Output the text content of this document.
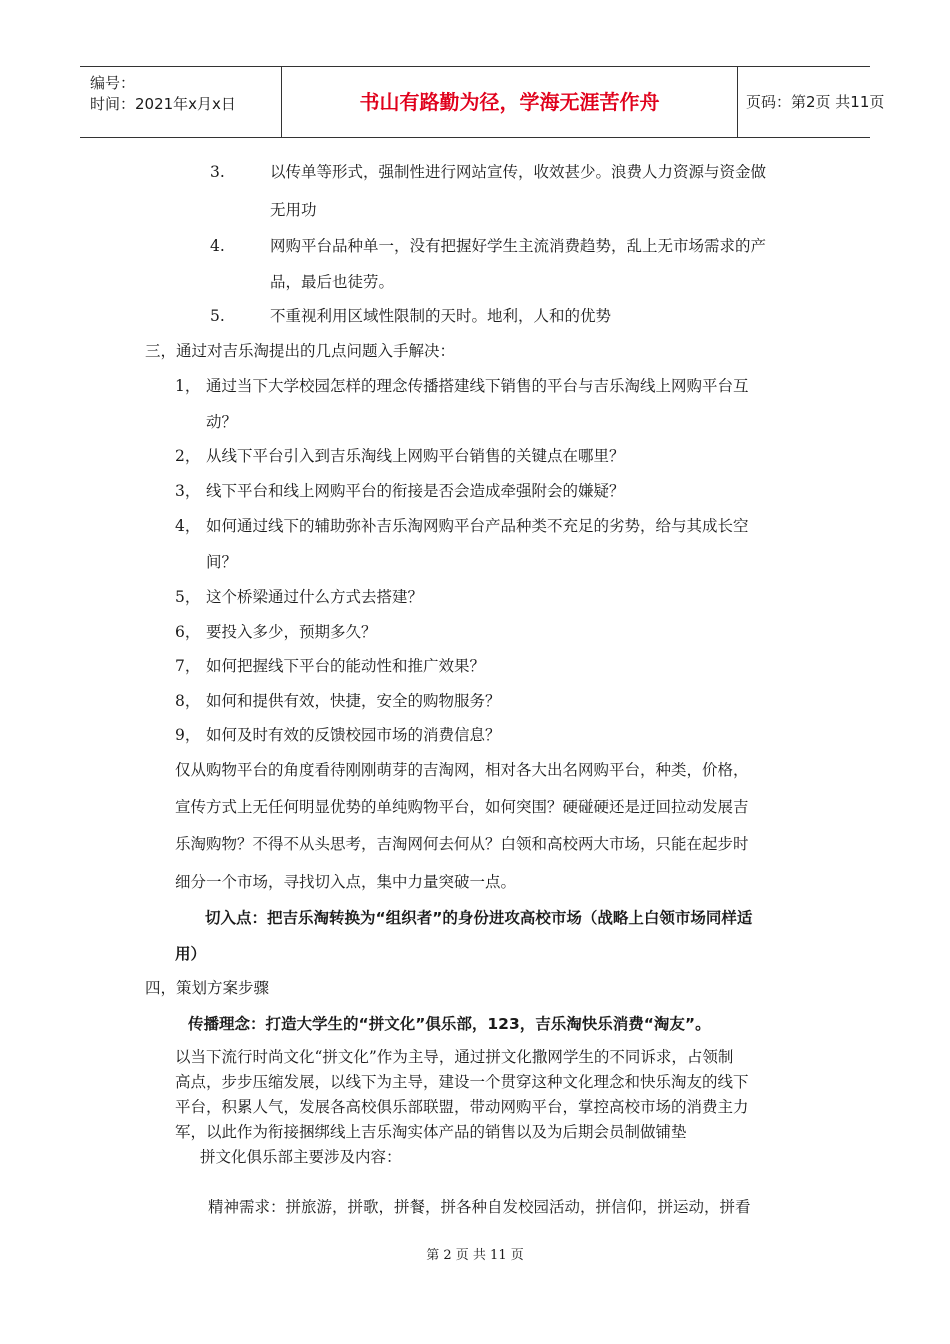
编号：
时间：2021年x月x日	书山有路勤为径，学海无涯苦作舟	页码：第2页 共11页
3.	以传单等形式，强制性进行网站宣传，收效甚少。浪费人力资源与资金做
无用功
4.	网购平台品种单一，没有把握好学生主流消费趋势，乱上无市场需求的产
品，最后也徒劳。
5.	不重视利用区域性限制的天时。地利，人和的优势
三，通过对吉乐淘提出的几点问题入手解决：
1， 通过当下大学校园怎样的理念传播搭建线下销售的平台与吉乐淘线上网购平台互
动？
2， 从线下平台引入到吉乐淘线上网购平台销售的关键点在哪里？
3， 线下平台和线上网购平台的衔接是否会造成牵强附会的嫌疑？
4， 如何通过线下的辅助弥补吉乐淘网购平台产品种类不充足的劣势，给与其成长空
间？
5， 这个桥梁通过什么方式去搭建？
6， 要投入多少，预期多久？
7， 如何把握线下平台的能动性和推广效果？
8， 如何和提供有效，快捷，安全的购物服务？
9， 如何及时有效的反馈校园市场的消费信息？
仅从购物平台的角度看待刚刚萌芽的吉淘网，相对各大出名网购平台，种类，价格，
宣传方式上无任何明显优势的单纯购物平台，如何突围？硬碰硬还是迂回拉动发展吉
乐淘购物？不得不从头思考，吉淘网何去何从？白领和高校两大市场，只能在起步时
细分一个市场，寻找切入点，集中力量突破一点。
切入点：把吉乐淘转换为“组织者”的身份进攻高校市场（战略上白领市场同样适
用）
四，策划方案步骤
传播理念：打造大学生的“拼文化”俱乐部，123，吉乐淘快乐消费“淘友”。
以当下流行时尚文化“拼文化”作为主导，通过拼文化撒网学生的不同诉求，占领制
高点，步步压缩发展，以线下为主导，建设一个贯穿这种文化理念和快乐淘友的线下
平台，积累人气，发展各高校俱乐部联盟，带动网购平台，掌控高校市场的消费主力
军，以此作为衔接捆绑线上吉乐淘实体产品的销售以及为后期会员制做铺垫
拼文化俱乐部主要涉及内容：
精神需求：拼旅游，拼歌，拼餐，拼各种自发校园活动，拼信仰，拼运动，拼看
第 2 页 共 11 页
